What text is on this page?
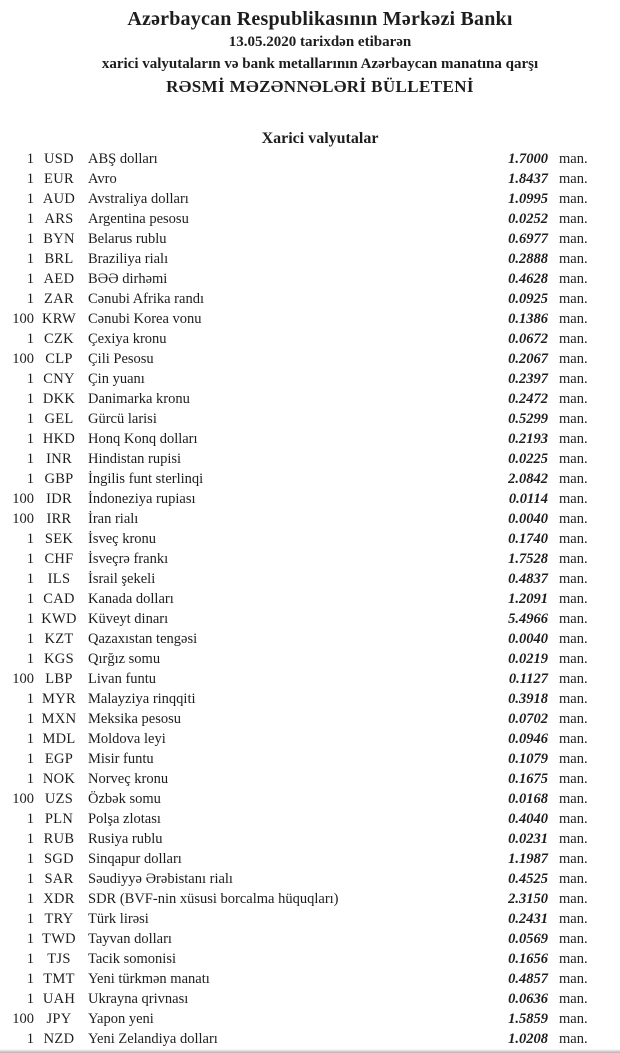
Azərbaycan Respublikasının Mərkəzi Bankı
13.05.2020 tarixdən etibarən
xarici valyutaların və bank metallarının Azərbaycan manatına qarşı
RƏSMİ MƏZƏNNƏLƏRİ BÜLLETENİ
Xarici valyutalar
1 USD ABŞ dolları	1.7000 man.
1 EUR Avro	1.8437 man.
1 AUD Avstraliya dolları	1.0995 man.
1 ARS Argentina pesosu	0.0252 man.
1 BYN Belarus rublu	0.6977 man.
1 BRL Braziliya rialı	0.2888 man.
1 AED BƏƏ dirhəmi	0.4628 man.
1 ZAR Cənubi Afrika randı	0.0925 man.
100 KRW Cənubi Korea vonu	0.1386 man.
1 CZK Çexiya kronu	0.0672 man.
100 CLP	Çili Pesosu	0.2067 man.
1 CNY Çin yuanı	0.2397 man.
1 DKK Danimarka kronu	0.2472 man.
1 GEL Gürcü larisi	0.5299 man.
1 HKD Honq Konq dolları	0.2193 man.
1 INR	Hindistan rupisi	0.0225 man.
1 GBP İngilis funt sterlinqi	2.0842 man.
100 IDR	İndoneziya rupiası	0.0114 man.
100 IRR	İran rialı	0.0040 man.
1 SEK	İsveç kronu	0.1740 man.
1 CHF İsveçrə frankı	1.7528 man.
1 ILS	İsrail şekeli	0.4837 man.
1 CAD Kanada dolları	1.2091 man.
1 KWD Küveyt dinarı	5.4966 man.
1 KZT Qazaxıstan tengəsi	0.0040 man.
1 KGS Qırğız somu	0.0219 man.
100 LBP	Livan funtu	0.1127 man.
1 MYR Malayziya rinqqiti	0.3918 man.
1 MXN Meksika pesosu	0.0702 man.
1 MDL Moldova leyi	0.0946 man.
1 EGP	Misir funtu	0.1079 man.
1 NOK Norveç kronu	0.1675 man.
100 UZS	Özbək somu	0.0168 man.
1 PLN	Polşa zlotası	0.4040 man.
1 RUB Rusiya rublu	0.0231 man.
1 SGD Sinqapur dolları	1.1987 man.
1 SAR Səudiyyə Ərəbistanı rialı	0.4525 man.
1 XDR SDR (BVF-nin xüsusi borcalma hüquqları)	2.3150 man.
1 TRY Türk lirəsi	0.2431 man.
1 TWD Tayvan dolları	0.0569 man.
1 TJS	Tacik somonisi	0.1656 man.
1 TMT Yeni türkmən manatı	0.4857 man.
1 UAH Ukrayna qrivnası	0.0636 man.
100 JPY	Yapon yeni	1.5859 man.
1 NZD Yeni Zelandiya dolları	1.0208 man.
